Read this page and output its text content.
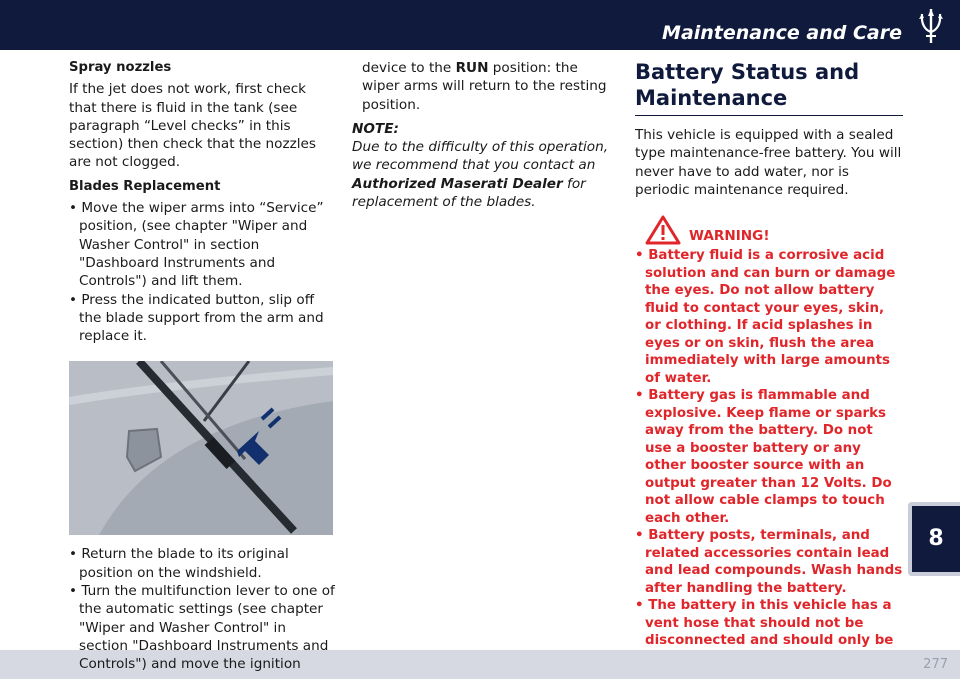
Maintenance and Care
8
277
Spray nozzles
If the jet does not work, first check that there is fluid in the tank (see paragraph “Level checks” in this section) then check that the nozzles are not clogged.
Blades Replacement
• Move the wiper arms into “Service” position, (see chapter "Wiper and Washer Control" in section "Dashboard Instruments and Controls") and lift them.
• Press the indicated button, slip off the blade support from the arm and replace it.
• Return the blade to its original position on the windshield.
• Turn the multifunction lever to one of the automatic settings (see chapter "Wiper and Washer Control" in section "Dashboard Instruments and Controls") and move the ignition
device to the RUN position: the wiper arms will return to the resting position.
NOTE:
Due to the difficulty of this operation, we recommend that you contact an Authorized Maserati Dealer for replacement of the blades.
Battery Status and Maintenance
This vehicle is equipped with a sealed type maintenance-free battery. You will never have to add water, nor is periodic maintenance required.
WARNING!
• Battery fluid is a corrosive acid solution and can burn or damage the eyes. Do not allow battery fluid to contact your eyes, skin, or clothing. If acid splashes in eyes or on skin, flush the area immediately with large amounts of water.
• Battery gas is flammable and explosive. Keep flame or sparks away from the battery. Do not use a booster battery or any other booster source with an output greater than 12 Volts. Do not allow cable clamps to touch each other.
• Battery posts, terminals, and related accessories contain lead and lead compounds. Wash hands after handling the battery.
• The battery in this vehicle has a vent hose that should not be disconnected and should only be
